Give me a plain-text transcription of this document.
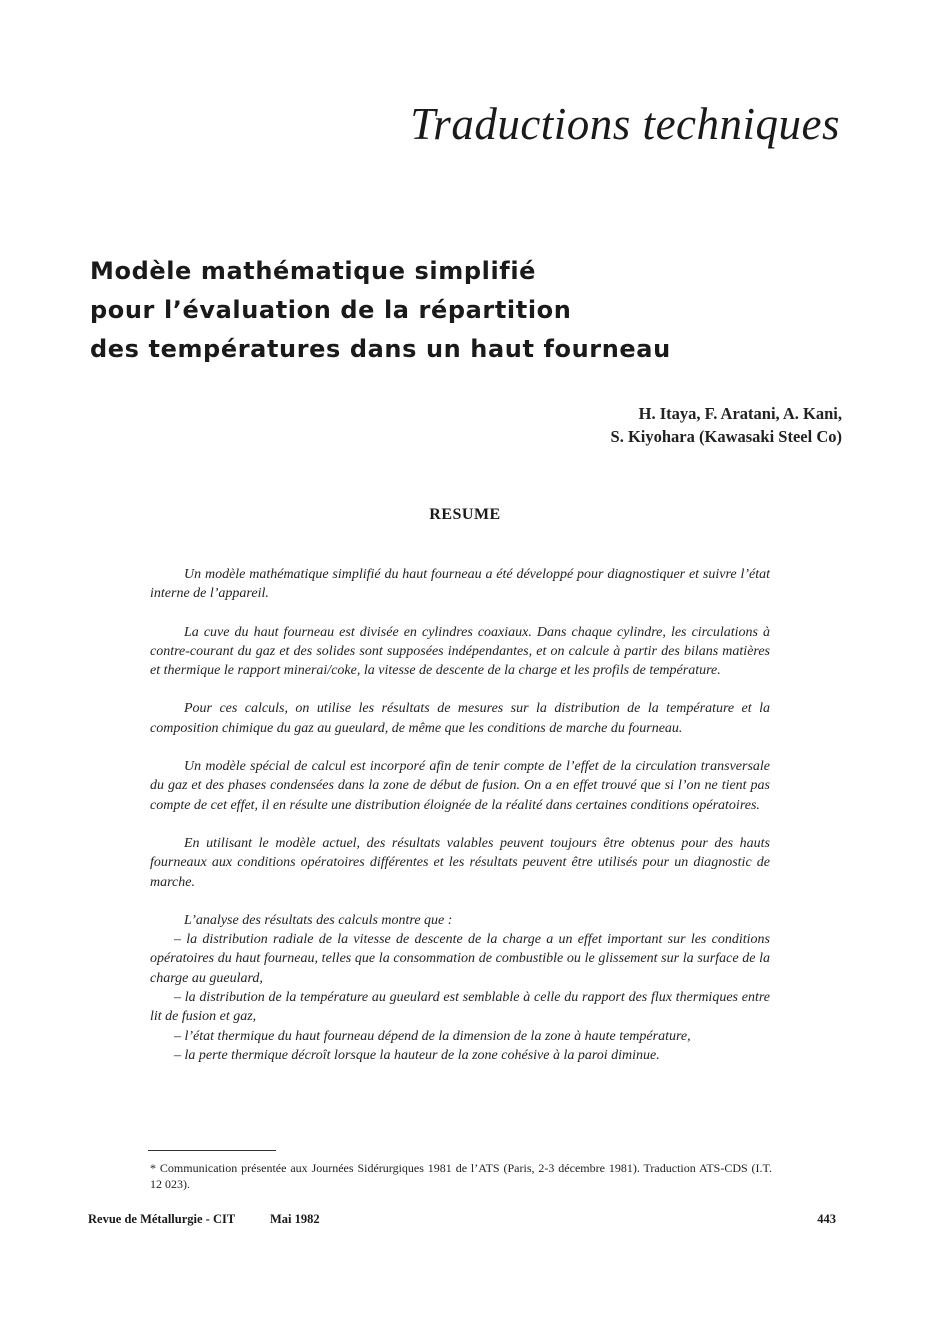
Traductions techniques
Modèle mathématique simplifié
pour l’évaluation de la répartition
des températures dans un haut fourneau
H. Itaya, F. Aratani, A. Kani,
S. Kiyohara (Kawasaki Steel Co)
RESUME

Un modèle mathématique simplifié du haut fourneau a été développé pour diagnostiquer et suivre l’état interne de l’appareil.

La cuve du haut fourneau est divisée en cylindres coaxiaux. Dans chaque cylindre, les circulations à contre-courant du gaz et des solides sont supposées indépendantes, et on calcule à partir des bilans matières et thermique le rapport minerai/coke, la vitesse de descente de la charge et les profils de température.

Pour ces calculs, on utilise les résultats de mesures sur la distribution de la température et la composition chimique du gaz au gueulard, de même que les conditions de marche du fourneau.

Un modèle spécial de calcul est incorporé afin de tenir compte de l’effet de la circulation transversale du gaz et des phases condensées dans la zone de début de fusion. On a en effet trouvé que si l’on ne tient pas compte de cet effet, il en résulte une distribution éloignée de la réalité dans certaines conditions opératoires.

En utilisant le modèle actuel, des résultats valables peuvent toujours être obtenus pour des hauts fourneaux aux conditions opératoires différentes et les résultats peuvent être utilisés pour un diagnostic de marche.

L’analyse des résultats des calculs montre que :
– la distribution radiale de la vitesse de descente de la charge a un effet important sur les conditions opératoires du haut fourneau, telles que la consommation de combustible ou le glissement sur la surface de la charge au gueulard,
– la distribution de la température au gueulard est semblable à celle du rapport des flux thermiques entre lit de fusion et gaz,
– l’état thermique du haut fourneau dépend de la dimension de la zone à haute température,
– la perte thermique décroît lorsque la hauteur de la zone cohésive à la paroi diminue.

* Communication présentée aux Journées Sidérurgiques 1981 de l’ATS (Paris, 2-3 décembre 1981). Traduction ATS-CDS (I.T. 12 023).

Revue de Métallurgie - CIT	Mai 1982	443
